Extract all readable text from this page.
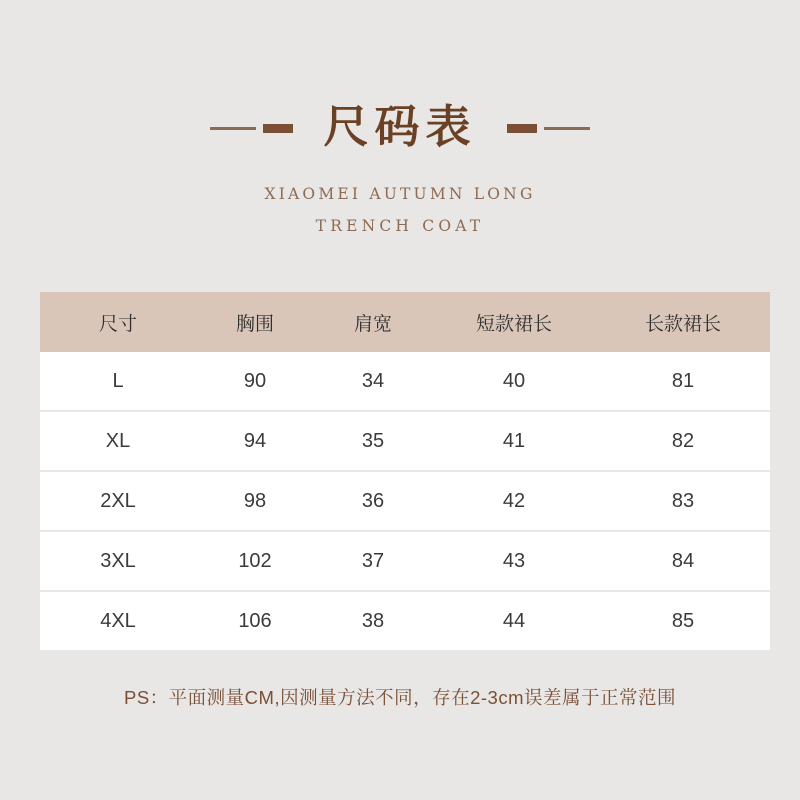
尺码表
XIAOMEI AUTUMN LONG
TRENCH COAT
尺寸	胸围	肩宽	短款裙长	长款裙长
L	90	34	40	81
XL	94	35	41	82
2XL	98	36	42	83
3XL	102	37	43	84
4XL	106	38	44	85
PS：平面测量CM,因测量方法不同，存在2-3cm误差属于正常范围
